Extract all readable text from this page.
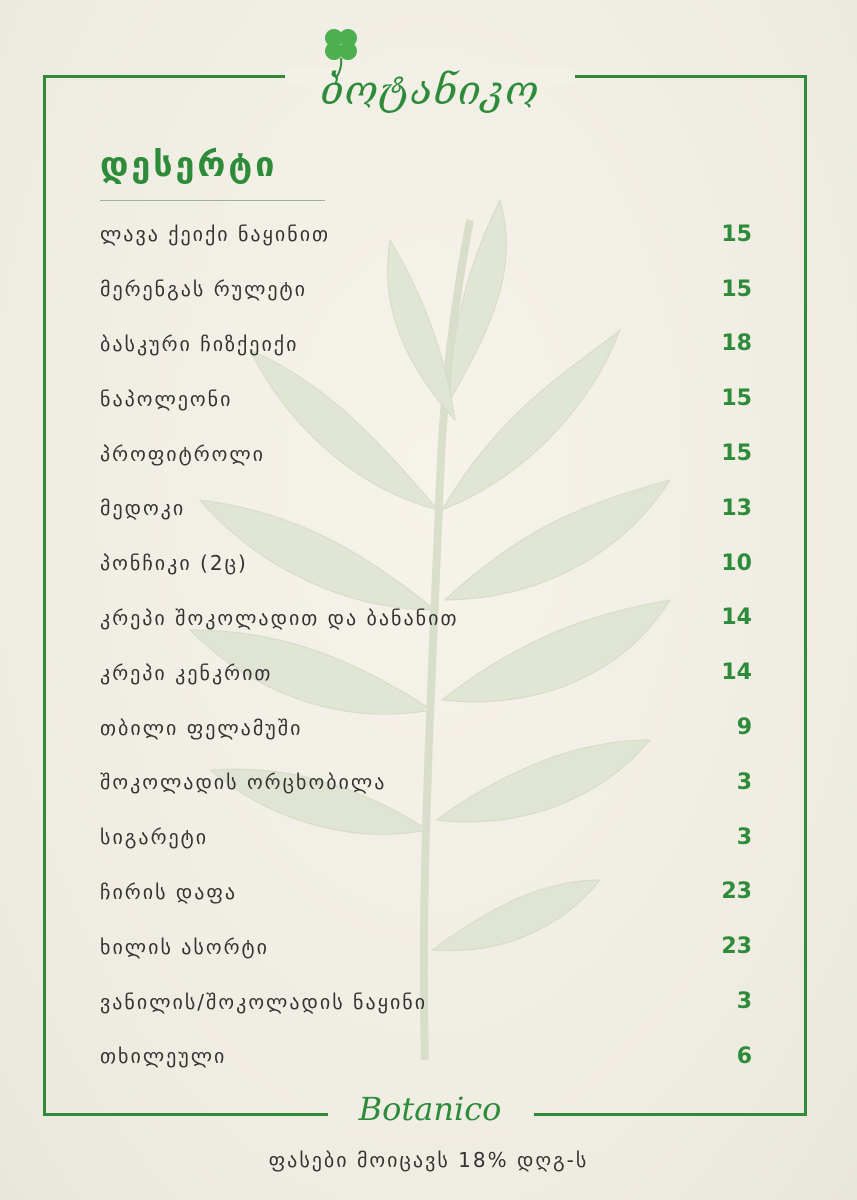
ბოტანიკო
დესერტი
ლავა ქეიქი ნაყინით	15
მერენგას რულეტი	15
ბასკური ჩიზქეიქი	18
ნაპოლეონი	15
პროფიტროლი	15
მედოკი	13
პონჩიკი (2ც)	10
კრეპი შოკოლადით და ბანანით	14
კრეპი კენკრით	14
თბილი ფელამუში	9
შოკოლადის ორცხობილა	3
სიგარეტი	3
ჩირის დაფა	23
ხილის ასორტი	23
ვანილის/შოკოლადის ნაყინი	3
თხილეული	6
Botanico
ფასები მოიცავს 18% დღგ-ს
